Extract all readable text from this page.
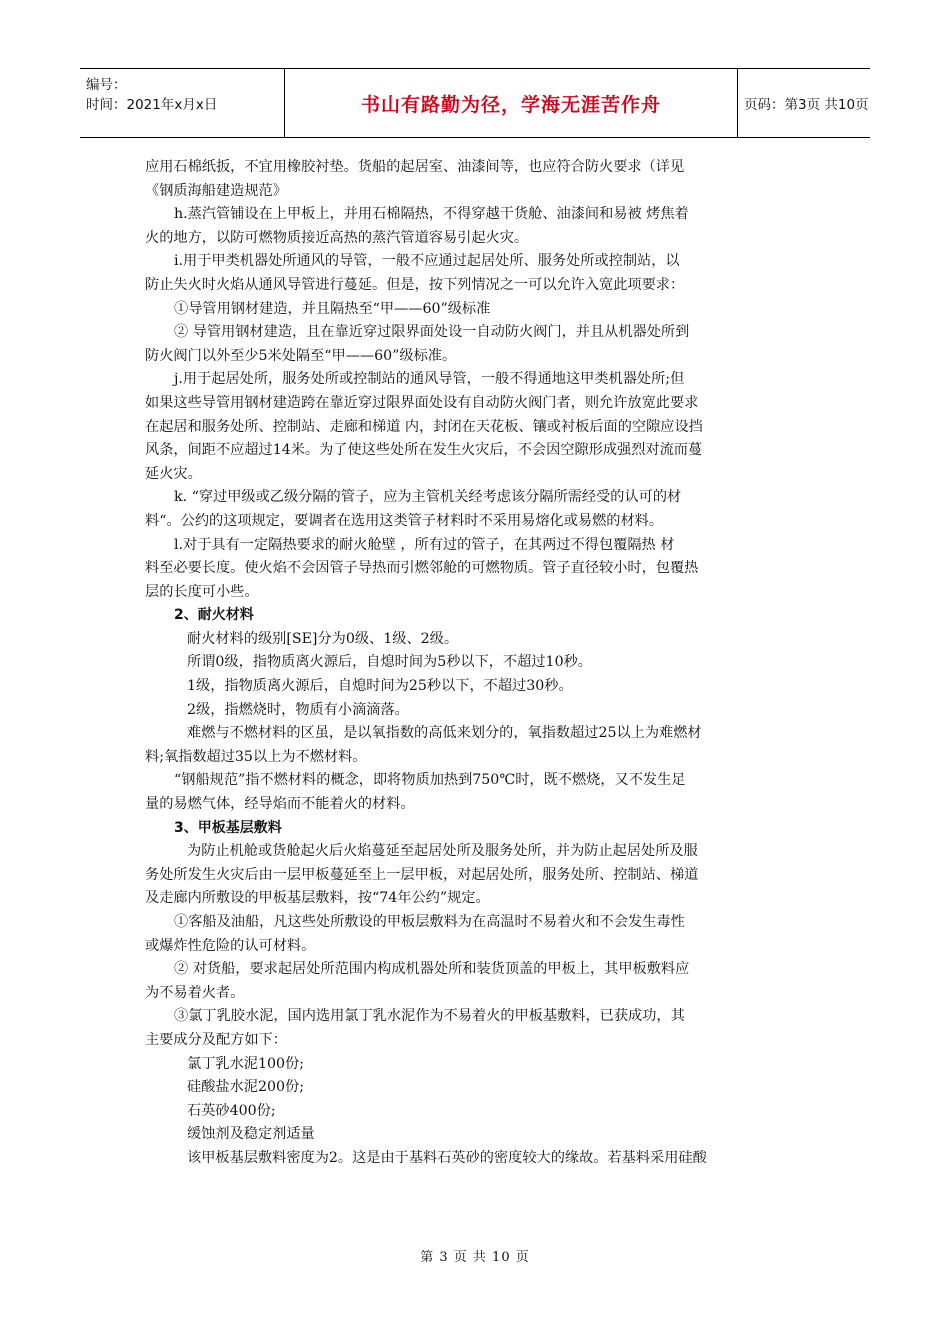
编号：
时间：2021年x月x日	书山有路勤为径，学海无涯苦作舟	页码：第3页 共10页
应用石棉纸扳，不宜用橡胶衬垫。货船的起居室、油漆间等，也应符合防火要求（详见
《钢质海船建造规范》
h.蒸汽管铺设在上甲板上，并用石棉隔热，不得穿越干货舱、油漆间和易被 烤焦着
火的地方，以防可燃物质接近高热的蒸汽管道容易引起火灾。
i.用于甲类机器处所通风的导管，一般不应通过起居处所、服务处所或控制站，以
防止失火时火焰从通风导管进行蔓延。但是，按下列情况之一可以允许入宽此项要求：
①导管用钢材建造，并且隔热至“甲——60”级标准
② 导管用钢材建造，且在靠近穿过限界面处设一自动防火阀门，并且从机器处所到
防火阀门以外至少5米处隔至“甲——60”级标准。
j.用于起居处所，服务处所或控制站的通风导管，一般不得通地这甲类机器处所;但
如果这些导管用钢材建造跨在靠近穿过限界面处设有自动防火阀门者，则允许放宽此要求
在起居和服务处所、控制站、走廊和梯道 内，封闭在天花板、镶或衬板后面的空隙应设挡
风条，间距不应超过14米。为了使这些处所在发生火灾后，不会因空隙形成强烈对流而蔓
延火灾。
k. “穿过甲级或乙级分隔的管子，应为主管机关经考虑该分隔所需经受的认可的材
料“。公约的这项规定，要调者在选用这类管子材料时不采用易熔化或易燃的材料。
l.对于具有一定隔热要求的耐火舱壁 ，所有过的管子，在其两过不得包覆隔热 材
料至必要长度。使火焰不会因管子导热而引燃邻舱的可燃物质。管子直径较小时，包覆热
层的长度可小些。
2、耐火材料
耐火材料的级别[SE]分为0级、1级、2级。
所谓0级，指物质离火源后，自熄时间为5秒以下，不超过10秒。
1级，指物质离火源后，自熄时间为25秒以下，不超过30秒。
2级，指燃烧时，物质有小滴滴落。
难燃与不燃材料的区虽，是以氧指数的高低来划分的，氧指数超过25以上为难燃材
料;氧指数超过35以上为不燃材料。
“钢船规范”指不燃材料的概念，即将物质加热到750℃时，既不燃烧，又不发生足
量的易燃气体，经导焰而不能着火的材料。
3、甲板基层敷料
为防止机舱或货舱起火后火焰蔓延至起居处所及服务处所，并为防止起居处所及服
务处所发生火灾后由一层甲板蔓延至上一层甲板，对起居处所，服务处所、控制站、梯道
及走廊内所敷设的甲板基层敷料，按“74年公约”规定。
①客船及油船，凡这些处所敷设的甲板层敷料为在高温时不易着火和不会发生毒性
或爆炸性危险的认可材料。
② 对货船，要求起居处所范围内构成机器处所和装货顶盖的甲板上，其甲板敷料应
为不易着火者。
③氯丁乳胶水泥，国内选用氯丁乳水泥作为不易着火的甲板基敷料，已获成功，其
主要成分及配方如下：
氯丁乳水泥100份;
硅酸盐水泥200份;
石英砂400份;
缓蚀剂及稳定剂适量
该甲板基层敷料密度为2。这是由于基料石英砂的密度较大的缘故。若基料采用硅酸
第 3 页 共 10 页
